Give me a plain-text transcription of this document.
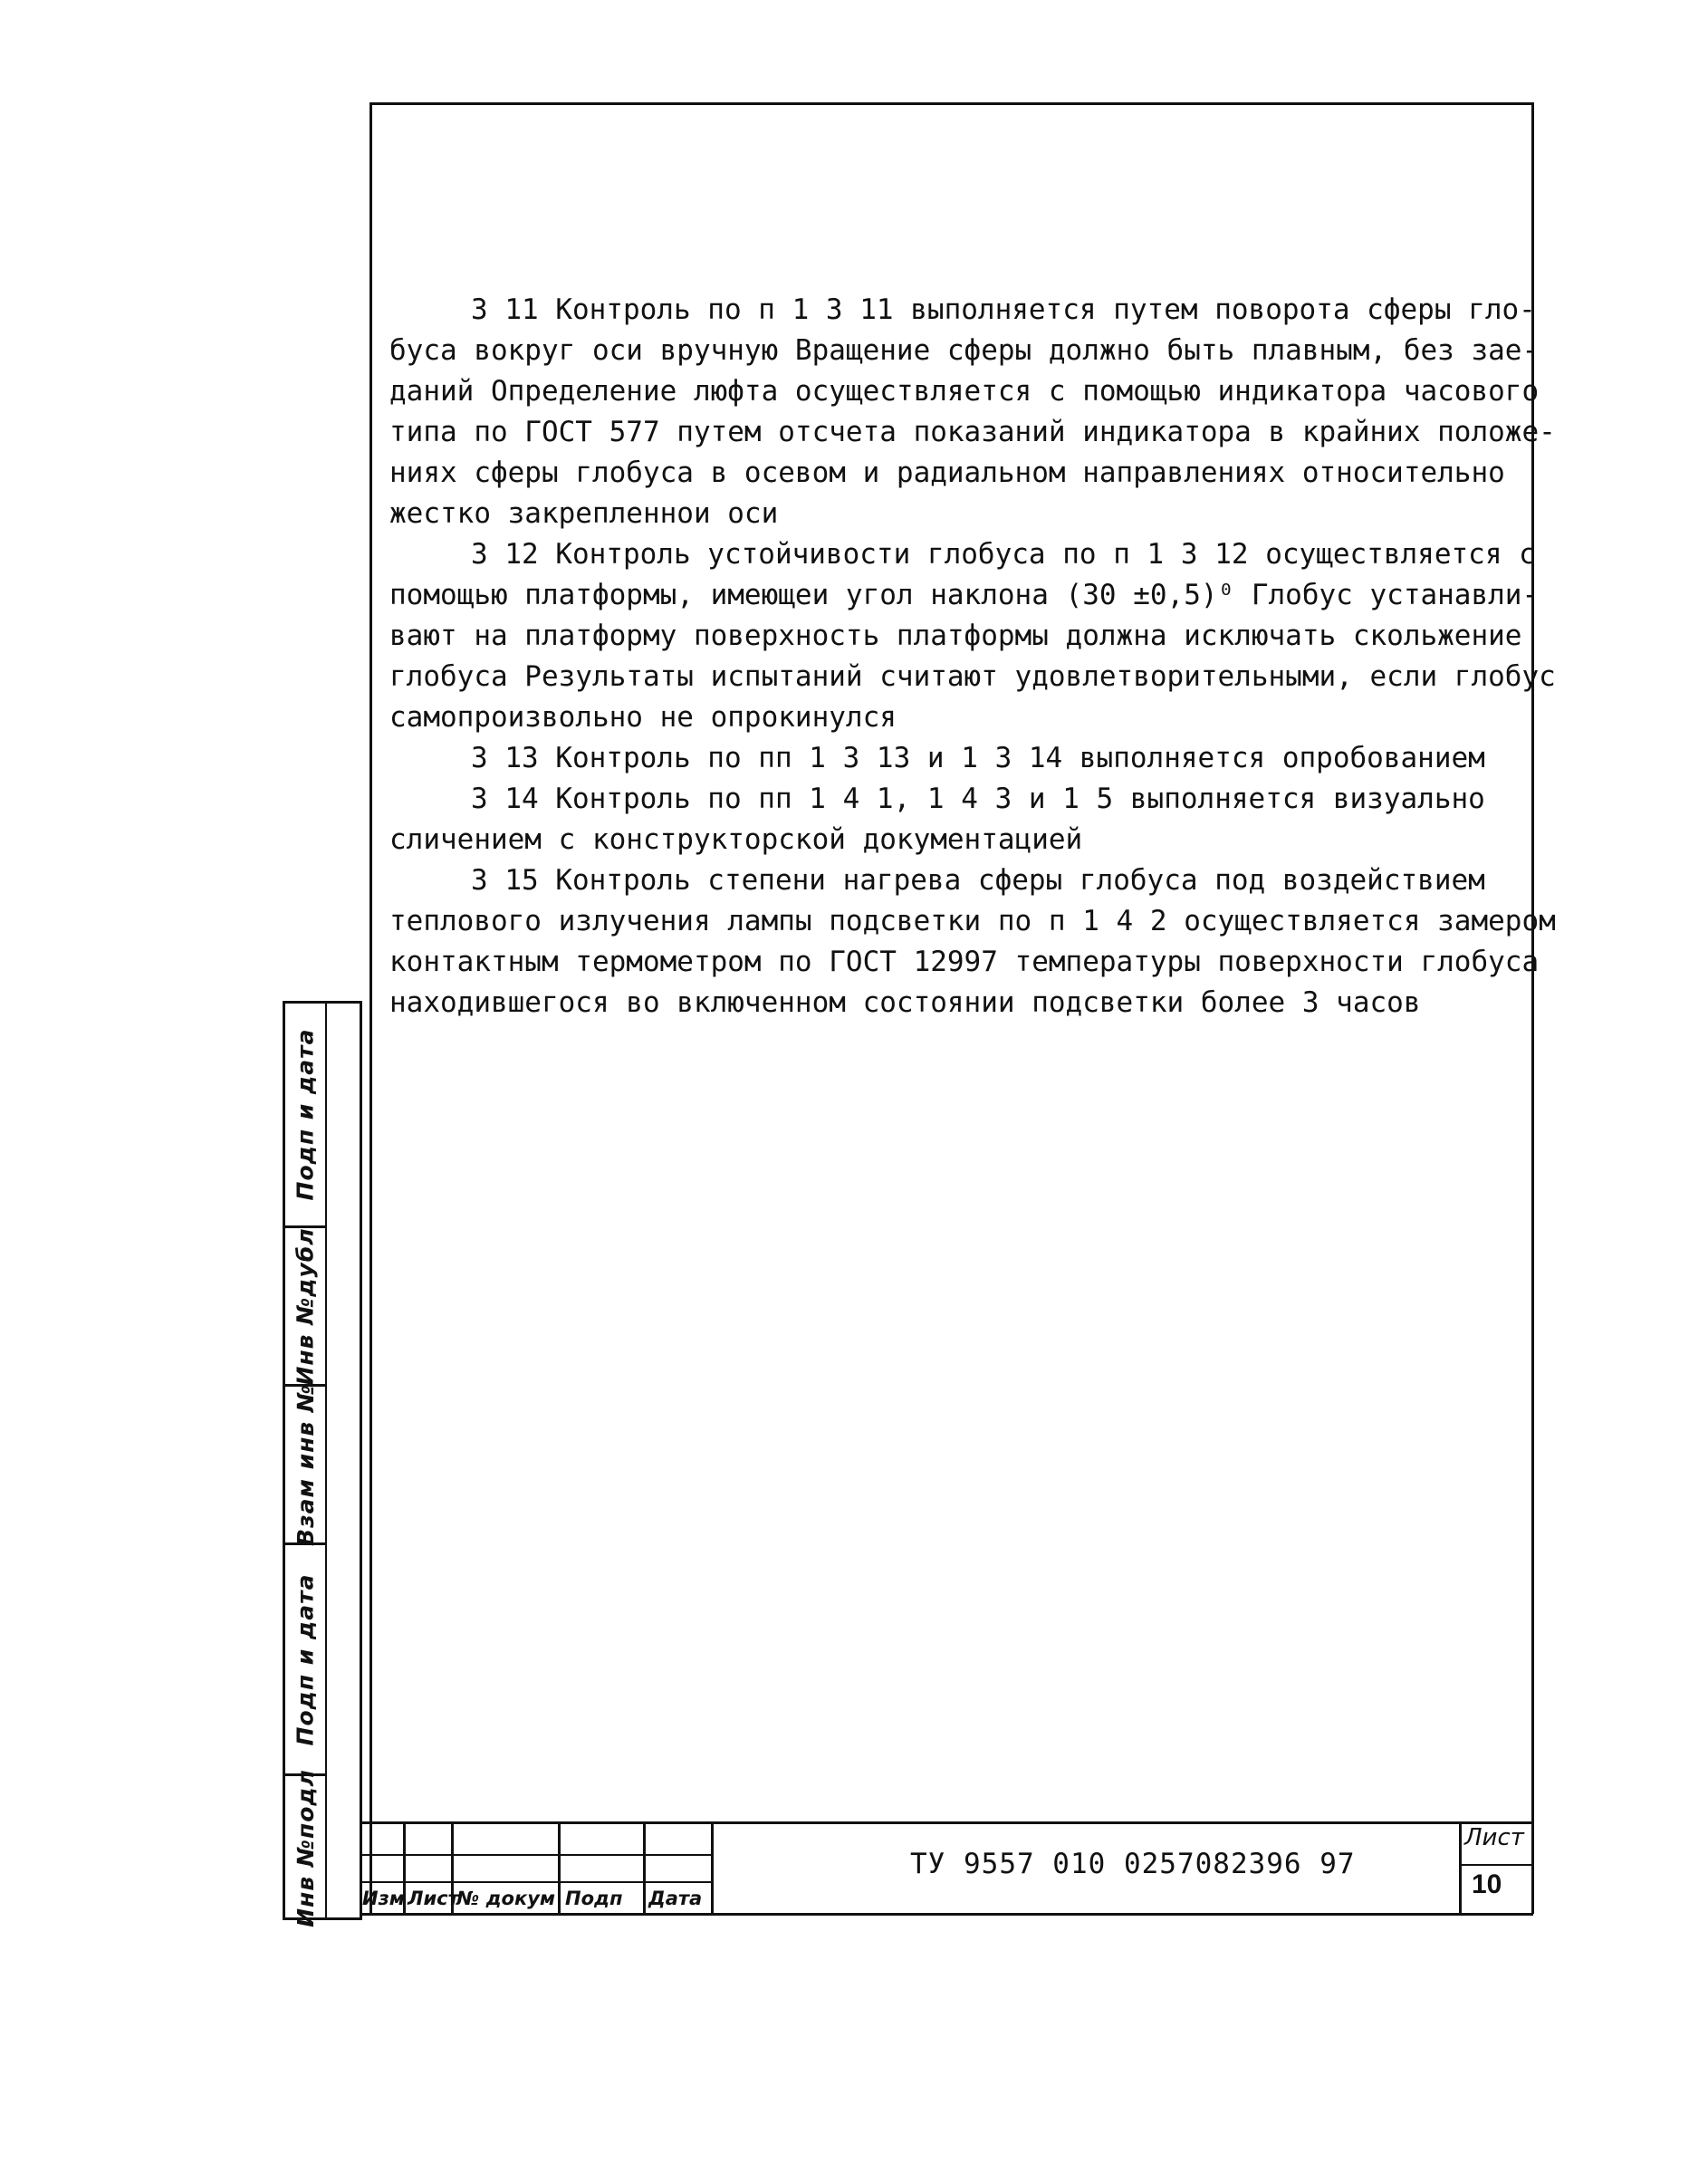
3 11 Контроль по п 1 3 11 выполняется путем поворота сферы гло-
буса вокруг оси вручную Вращение сферы должно быть плавным, без зае-
даний Определение люфта осуществляется с помощью индикатора часового
типа по ГОСТ 577 путем отсчета показаний индикатора в крайних положе-
ниях сферы глобуса в осевом и радиальном направлениях относительно
жестко закрепленнои оси
3 12 Контроль устойчивости глобуса по п 1 3 12 осуществляется с
помощью платформы, имеющеи угол наклона (30 ±0,5)⁰ Глобус устанавли-
вают на платформу поверхность платформы должна исключать скольжение
глобуса Результаты испытаний считают удовлетворительными, если глобус
самопроизвольно не опрокинулся
3 13 Контроль по пп 1 3 13 и 1 3 14 выполняется опробованием
3 14 Контроль по пп 1 4 1, 1 4 3 и 1 5 выполняется визуально
сличением с конструкторской документацией
3 15 Контроль степени нагрева сферы глобуса под воздействием
теплового излучения лампы подсветки по п 1 4 2 осуществляется замером
контактным термометром по ГОСТ 12997 температуры поверхности глобуса
находившегося во включенном состоянии подсветки более 3 часов
Подп и дата
Инв №дубл
Взам инв №
Подп и дата
Инв №подл Изм Лист
№ докум Подп Дата
ТУ 9557 010 0257082396 97
Лист
10
